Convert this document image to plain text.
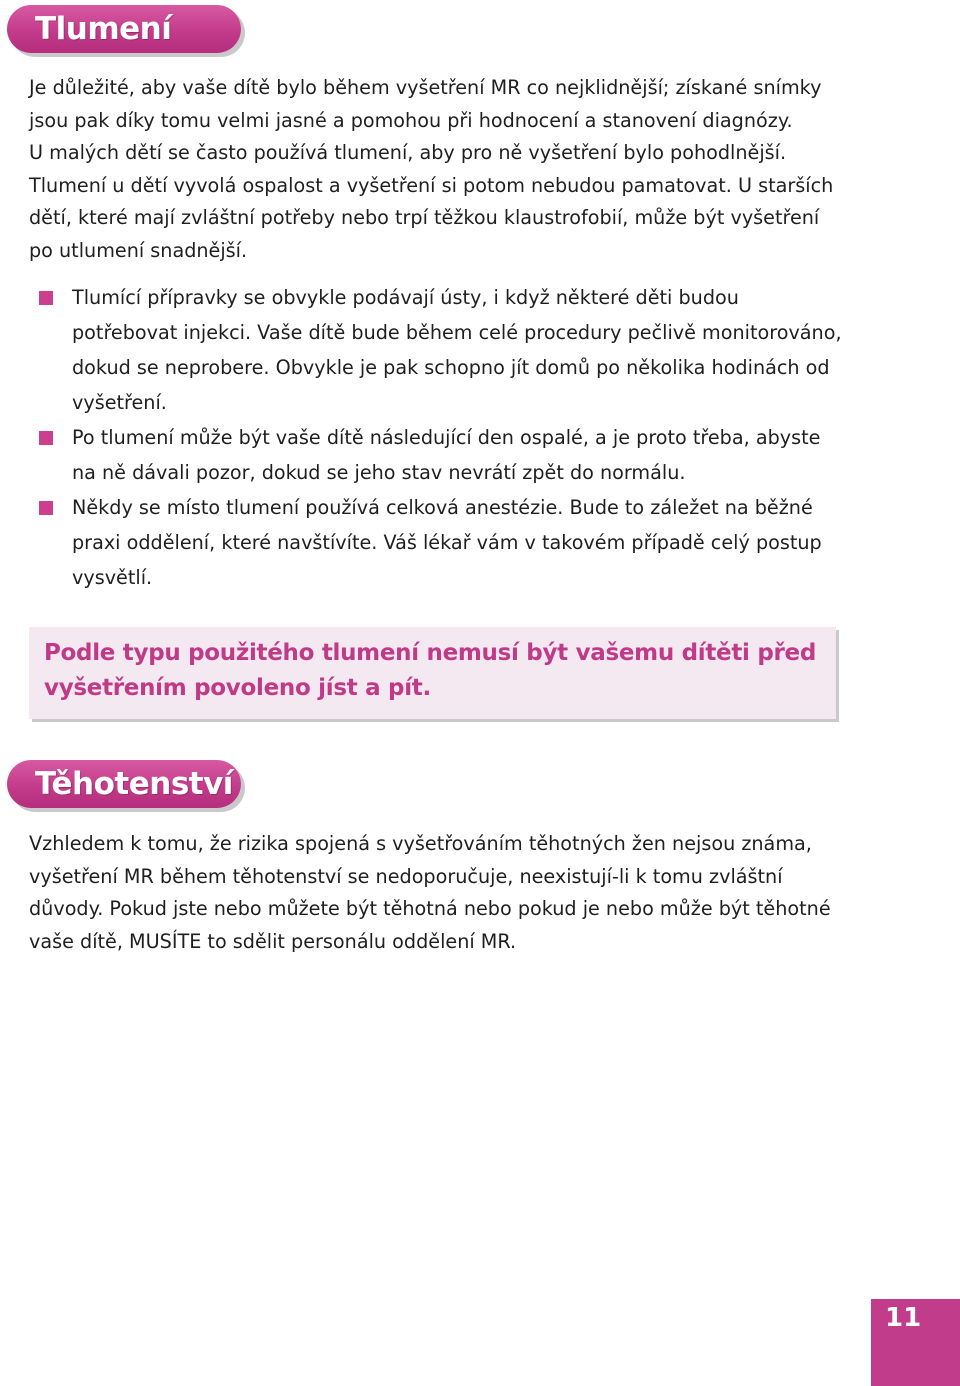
Tlumení

Je důležité, aby vaše dítě bylo během vyšetření MR co nejklidnější; získané snímky
jsou pak díky tomu velmi jasné a pomohou při hodnocení a stanovení diagnózy.
U malých dětí se často používá tlumení, aby pro ně vyšetření bylo pohodlnější.
Tlumení u dětí vyvolá ospalost a vyšetření si potom nebudou pamatovat. U starších
dětí, které mají zvláštní potřeby nebo trpí těžkou klaustrofobií, může být vyšetření
po utlumení snadnější.

Tlumící přípravky se obvykle podávají ústy, i když některé děti budou
potřebovat injekci. Vaše dítě bude během celé procedury pečlivě monitorováno,
dokud se neprobere. Obvykle je pak schopno jít domů po několika hodinách od
vyšetření.
Po tlumení může být vaše dítě následující den ospalé, a je proto třeba, abyste
na ně dávali pozor, dokud se jeho stav nevrátí zpět do normálu.
Někdy se místo tlumení používá celková anestézie. Bude to záležet na běžné
praxi oddělení, které navštívíte. Váš lékař vám v takovém případě celý postup
vysvětlí.

Podle typu použitého tlumení nemusí být vašemu dítěti před
vyšetřením povoleno jíst a pít.

Těhotenství

Vzhledem k tomu, že rizika spojená s vyšetřováním těhotných žen nejsou známa,
vyšetření MR během těhotenství se nedoporučuje, neexistují-li k tomu zvláštní
důvody. Pokud jste nebo můžete být těhotná nebo pokud je nebo může být těhotné
vaše dítě, MUSÍTE to sdělit personálu oddělení MR.

11
